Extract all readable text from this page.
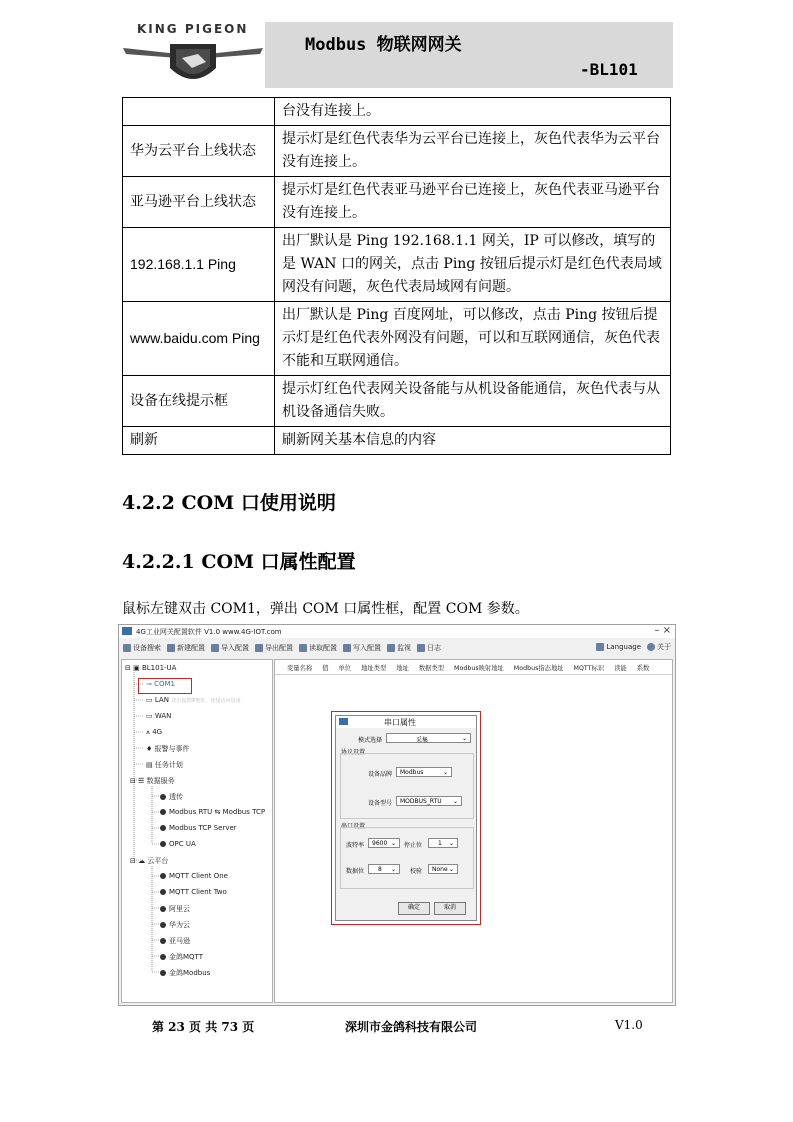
KING PIGEON
Modbus 物联网网关
-BL101
	台没有连接上。
华为云平台上线状态	提示灯是红色代表华为云平台已连接上，灰色代表华为云平台没有连接上。
亚马逊平台上线状态	提示灯是红色代表亚马逊平台已连接上，灰色代表亚马逊平台没有连接上。
192.168.1.1 Ping	出厂默认是 Ping 192.168.1.1 网关，IP 可以修改，填写的是 WAN 口的网关，点击 Ping 按钮后提示灯是红色代表局域网没有问题，灰色代表局域网有问题。
www.baidu.com Ping	出厂默认是 Ping 百度网址，可以修改，点击 Ping 按钮后提示灯是红色代表外网没有问题，可以和互联网通信，灰色代表不能和互联网通信。
设备在线提示框	提示灯红色代表网关设备能与从机设备能通信，灰色代表与从机设备通信失败。
刷新	刷新网关基本信息的内容
4.2.2 COM 口使用说明
4.2.2.1 COM 口属性配置
鼠标左键双击 COM1，弹出 COM 口属性框，配置 COM 参数。
4G工业网关配置软件 V1.0 www.4G-IOT.com	– ×
设备搜索 新建配置 导入配置 导出配置 读取配置 写入配置 监视 日志	Language 关于
⊟ ▣ BL101-UA
⊸ COM1
▭ LAN 双击设置IP地址、连接访问设备
▭ WAN
⩚ 4G
♦ 报警与事件
▤ 任务计划
⊟ ☰ 数据服务
透传
Modbus RTU ⇆ Modbus TCP
Modbus TCP Server
OPC UA
⊟ ☁ 云平台
MQTT Client One
MQTT Client Two
阿里云
华为云
亚马逊
金鸽MQTT
金鸽Modbus
变量名称	值	单位	地址类型	地址	数据类型	Modbus映射地址	Modbus指态地址	MQTT标识	读能	系数
串口属性
模式选择	采集	⌄
协议设置
设备品牌	Modbus	⌄
设备型号	MODBUS_RTU ⌄
串口设置
波特率	9600 ⌄ 停止位	1 ⌄
数据位	8 ⌄ 校验	None ⌄
确定	取消
第 23 页 共 73 页	深圳市金鸽科技有限公司	V1.0
